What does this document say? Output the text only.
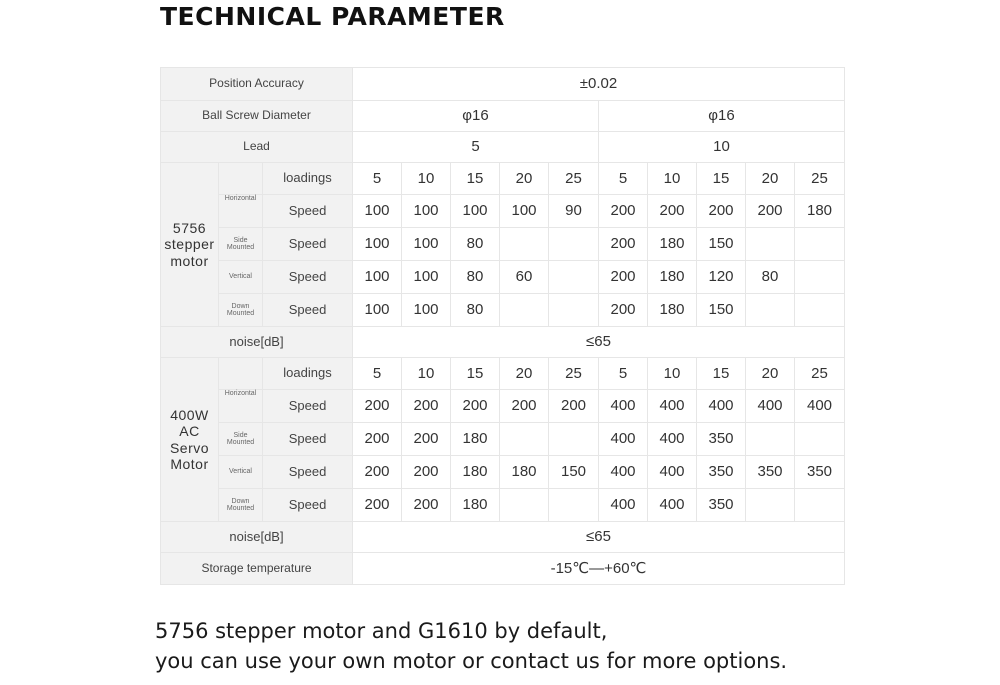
TECHNICAL PARAMETER
Position Accuracy			±0.02									
Ball Screw Diameter			φ16					φ16				
Lead			5					10				
5756 stepper motor		loadings	5	10	15	20	25	5	10	15	20	25
	Horizontal	Speed	100	100	100	100	90	200	200	200	200	180
	Side Mounted	Speed	100	100	80			200	180	150		
	Vertical	Speed	100	100	80	60		200	180	120	80	
	Down Mounted	Speed	100	100	80			200	180	150		
noise[dB]			≤65									
400W AC Servo Motor		loadings	5	10	15	20	25	5	10	15	20	25
	Horizontal	Speed	200	200	200	200	200	400	400	400	400	400
	Side Mounted	Speed	200	200	180			400	400	350		
	Vertical	Speed	200	200	180	180	150	400	400	350	350	350
	Down Mounted	Speed	200	200	180			400	400	350		
noise[dB]			≤65									
Storage temperature			-15℃—+60℃									
5756 stepper motor and G1610 by default,
you can use your own motor or contact us for more options.
